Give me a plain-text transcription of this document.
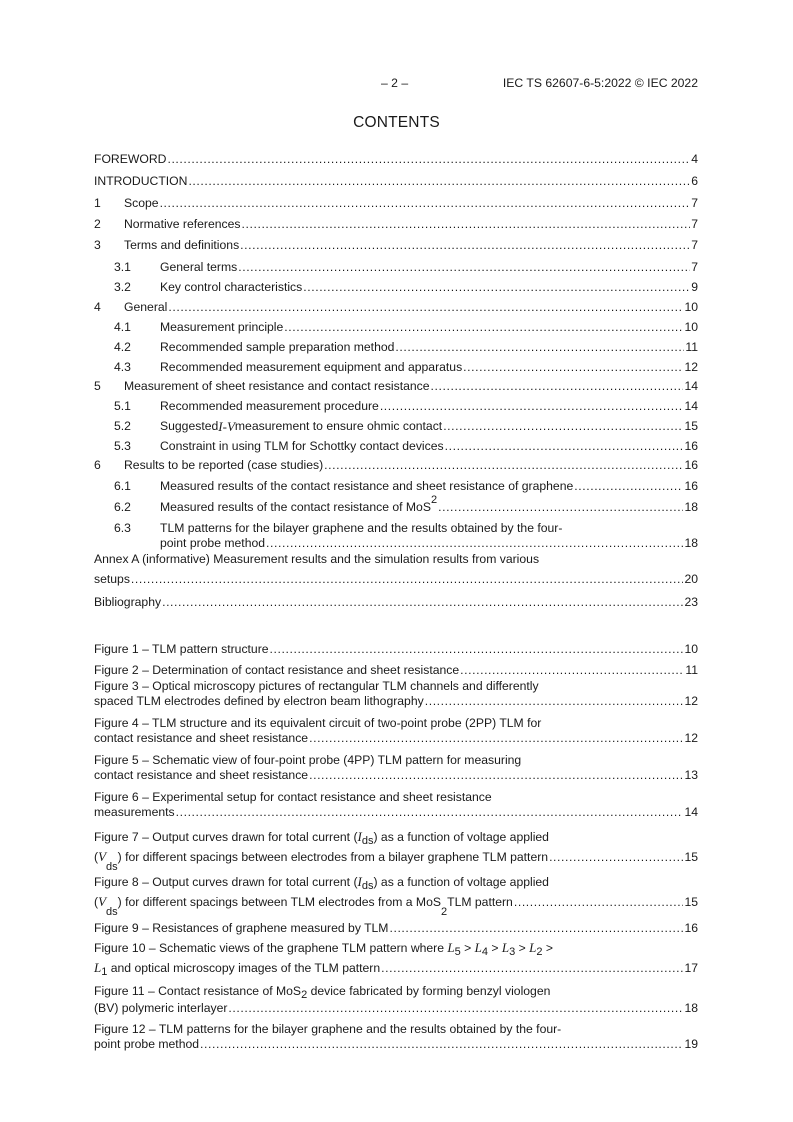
– 2 –	IEC TS 62607-6-5:2022 © IEC 2022
CONTENTS
FOREWORD .....	4
INTRODUCTION .....	6
1	Scope .....	7
2	Normative references .....	7
3	Terms and definitions .....	7
3.1	General terms .....	7
3.2	Key control characteristics .....	9
4	General .....	10
4.1	Measurement principle .....	10
4.2	Recommended sample preparation method .....	11
4.3	Recommended measurement equipment and apparatus .....	12
5	Measurement of sheet resistance and contact resistance .....	14
5.1	Recommended measurement procedure .....	14
5.2	Suggested I-V measurement to ensure ohmic contact .....	15
5.3	Constraint in using TLM for Schottky contact devices .....	16
6	Results to be reported (case studies) .....	16
6.1	Measured results of the contact resistance and sheet resistance of graphene .....	16
6.2	Measured results of the contact resistance of MoS 2 .....	18
6.3 TLM patterns for the bilayer graphene and the results obtained by the four-
point probe method .....	18
Annex A (informative) Measurement results and the simulation results from various
setups .....	20
Bibliography .....	23
Figure 1 – TLM pattern structure .....	10
Figure 2 – Determination of contact resistance and sheet resistance .....	11
Figure 3 – Optical microscopy pictures of rectangular TLM channels and differently
spaced TLM electrodes defined by electron beam lithography .....	12
Figure 4 – TLM structure and its equivalent circuit of two-point probe (2PP) TLM for
contact resistance and sheet resistance .....	12
Figure 5 – Schematic view of four-point probe (4PP) TLM pattern for measuring
contact resistance and sheet resistance .....	13
Figure 6 – Experimental setup for contact resistance and sheet resistance
measurements .....	14
Figure 7 – Output curves drawn for total current $(I_{ds})$ as a function of voltage applied
( V
ds
) for different spacings between electrodes from a bilayer graphene TLM pattern .....	15
Figure 8 – Output curves drawn for total current $(I_{ds})$ as a function of voltage applied
( V
ds
) for different spacings between TLM electrodes from a MoS
2
TLM pattern .....	15
Figure 9 – Resistances of graphene measured by TLM .....	16
Figure 10 – Schematic views of the graphene TLM pattern where $L_5 > L_4 > L_3 > L_2$ >
$L_1$ and optical microscopy images of the TLM pattern .....	17
Figure 11 – Contact resistance of MoS$_2$ device fabricated by forming benzyl viologen
(BV) polymeric interlayer .....	18
Figure 12 – TLM patterns for the bilayer graphene and the results obtained by the four-
point probe method .....	19
